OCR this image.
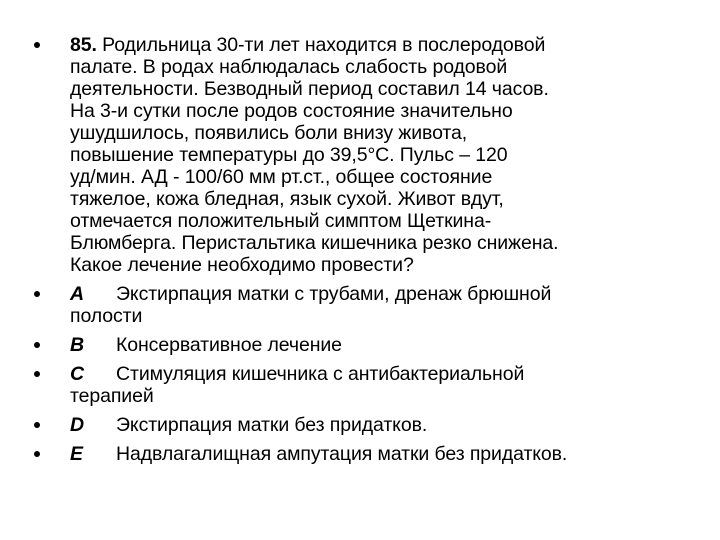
85. Родильница 30-ти лет находится в послеродовой
палате. В родах наблюдалась слабость родовой
деятельности. Безводный период составил 14 часов.
На 3-и сутки после родов состояние значительно
ушудшилось, появились боли внизу живота,
повышение температуры до 39,5°С. Пульс – 120
уд/мин. АД - 100/60 мм рт.ст., общее состояние
тяжелое, кожа бледная, язык сухой. Живот вдут,
отмечается положительный симптом Щеткина-
Блюмберга. Перистальтика кишечника резко снижена.
Какое лечение необходимо провести?
A Экстирпация матки с трубами, дренаж брюшной
полости
B Консервативное лечение
C Стимуляция кишечника с антибактериальной
терапией
D Экстирпация матки без придатков.
E Надвлагалищная ампутация матки без придатков.
